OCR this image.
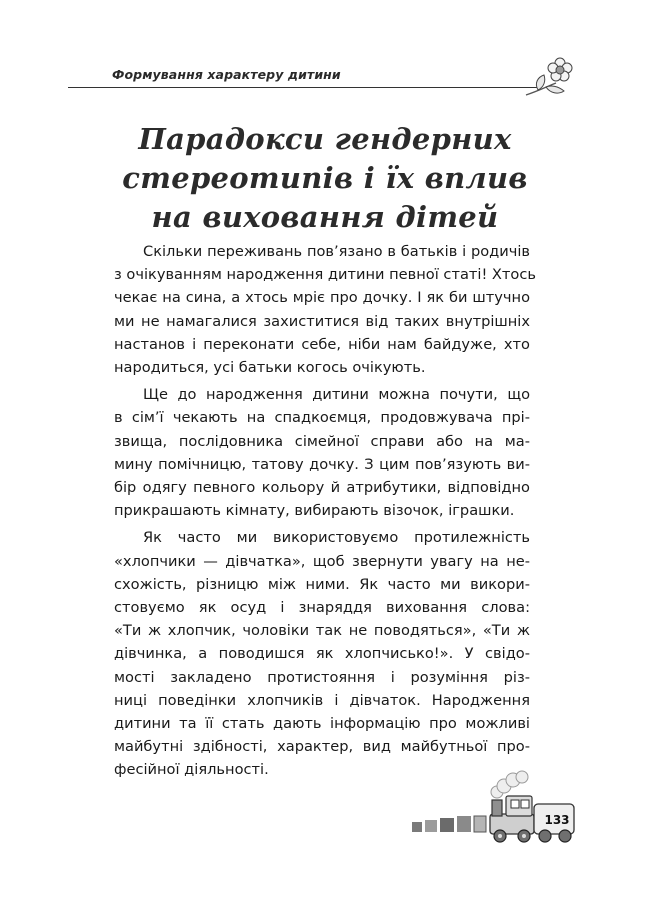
Формування характеру дитини
Парадокси гендерних
стереотипів і їх вплив
на виховання дітей

Скільки переживань пов’язано в батьків і родичів
з очікуванням народження дитини певної статі! Хтось
чекає на сина, а хтось мріє про дочку. І як би штучно
ми не намагалися захиститися від таких внутрішніх
настанов і переконати себе, ніби нам байдуже, хто
народиться, усі батьки когось очікують.

Ще до народження дитини можна почути, що
в сім’ї чекають на спадкоємця, продовжувача прі-
звища, послідовника сімейної справи або на ма-
мину помічницю, татову дочку. З цим пов’язують ви-
бір одягу певного кольору й атрибутики, відповідно
прикрашають кімнату, вибирають візочок, іграшки.

Як часто ми використовуємо протилежність
«хлопчики — дівчатка», щоб звернути увагу на не-
схожість, різницю між ними. Як часто ми викори-
стовуємо як осуд і знаряддя виховання слова:
«Ти ж хлопчик, чоловіки так не поводяться», «Ти ж
дівчинка, а поводишся як хлопчисько!». У свідо-
мості закладено протистояння і розуміння різ-
ниці поведінки хлопчиків і дівчаток. Народження
дитини та її стать дають інформацію про можливі
майбутні здібності, характер, вид майбутньої про-
фесійної діяльності.

133
